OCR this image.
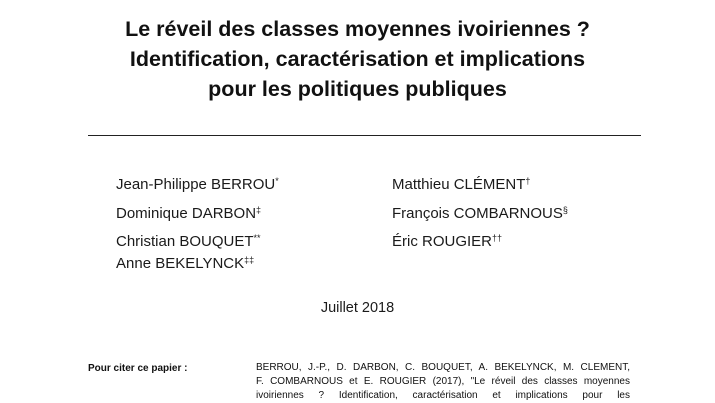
Le réveil des classes moyennes ivoiriennes ?
Identification, caractérisation et implications
pour les politiques publiques
Jean-Philippe BERROU*
Dominique DARBON‡
Christian BOUQUET**
Anne BEKELYNCK‡‡
Matthieu CLÉMENT†
François COMBARNOUS§
Éric ROUGIER††
Juillet 2018
Pour citer ce papier :	BERROU, J.-P., D. DARBON, C. BOUQUET, A. BEKELYNCK, M. CLEMENT,
F. COMBARNOUS et E. ROUGIER (2017), "Le réveil des classes moyennes
ivoiriennes ? Identification, caractérisation et implications pour les
